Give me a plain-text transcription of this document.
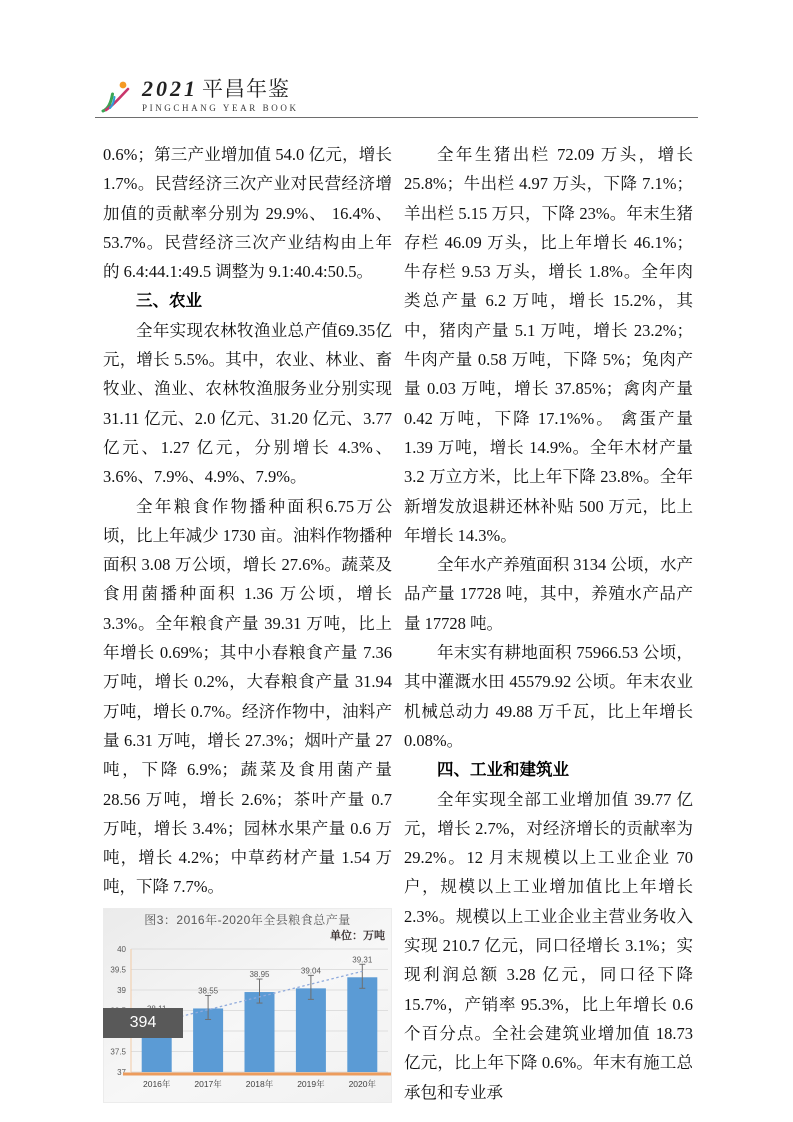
2021 平昌年鉴
PINGCHANG YEAR BOOK

0.6%；第三产业增加值 54.0 亿元，增长 1.7%。民营经济三次产业对民营经济增加值的贡献率分别为 29.9%、 16.4%、 53.7%。民营经济三次产业结构由上年的 6.4:44.1:49.5 调整为 9.1:40.4:50.5。

三、农业

全年实现农林牧渔业总产值69.35亿元，增长 5.5%。其中，农业、林业、畜牧业、渔业、农林牧渔服务业分别实现 31.11 亿元、2.0 亿元、31.20 亿元、3.77 亿元、1.27 亿元，分别增长 4.3%、3.6%、7.9%、4.9%、7.9%。

全年粮食作物播种面积6.75万公顷，比上年减少 1730 亩。油料作物播种面积 3.08 万公顷，增长 27.6%。蔬菜及食用菌播种面积 1.36 万公顷，增长 3.3%。全年粮食产量 39.31 万吨，比上年增长 0.69%；其中小春粮食产量 7.36 万吨，增长 0.2%，大春粮食产量 31.94 万吨，增长 0.7%。经济作物中，油料产量 6.31 万吨，增长 27.3%；烟叶产量 27 吨，下降 6.9%；蔬菜及食用菌产量 28.56 万吨，增长 2.6%；茶叶产量 0.7 万吨，增长 3.4%；园林水果产量 0.6 万吨，增长 4.2%；中草药材产量 1.54 万吨，下降 7.7%。

图3：2016年-2020年全县粮食总产量
单位：万吨
37
37.5
39
39.5
40
2016年
38.55
2017年
38.95
2018年
39.04
2019年
39.31
2020年

全年生猪出栏 72.09 万头，增长 25.8%；牛出栏 4.97 万头，下降 7.1%；羊出栏 5.15 万只，下降 23%。年末生猪存栏 46.09 万头，比上年增长 46.1%；牛存栏 9.53 万头，增长 1.8%。全年肉类总产量 6.2 万吨，增长 15.2%，其中，猪肉产量 5.1 万吨，增长 23.2%；牛肉产量 0.58 万吨，下降 5%；兔肉产量 0.03 万吨，增长 37.85%；禽肉产量 0.42 万吨，下降 17.1%%。 禽蛋产量 1.39 万吨，增长 14.9%。全年木材产量 3.2 万立方米，比上年下降 23.8%。全年新增发放退耕还林补贴 500 万元，比上年增长 14.3%。

全年水产养殖面积 3134 公顷，水产品产量 17728 吨，其中，养殖水产品产量 17728 吨。

年末实有耕地面积 75966.53 公顷，其中灌溉水田 45579.92 公顷。年末农业机械总动力 49.88 万千瓦，比上年增长 0.08%。

四、工业和建筑业

全年实现全部工业增加值 39.77 亿元，增长 2.7%，对经济增长的贡献率为 29.2%。12 月末规模以上工业企业 70 户，规模以上工业增加值比上年增长 2.3%。规模以上工业企业主营业务收入实现 210.7 亿元，同口径增长 3.1%；实现利润总额 3.28 亿元，同口径下降 15.7%，产销率 95.3%，比上年增长 0.6 个百分点。全社会建筑业增加值 18.73 亿元，比上年下降 0.6%。年末有施工总承包和专业承

394
